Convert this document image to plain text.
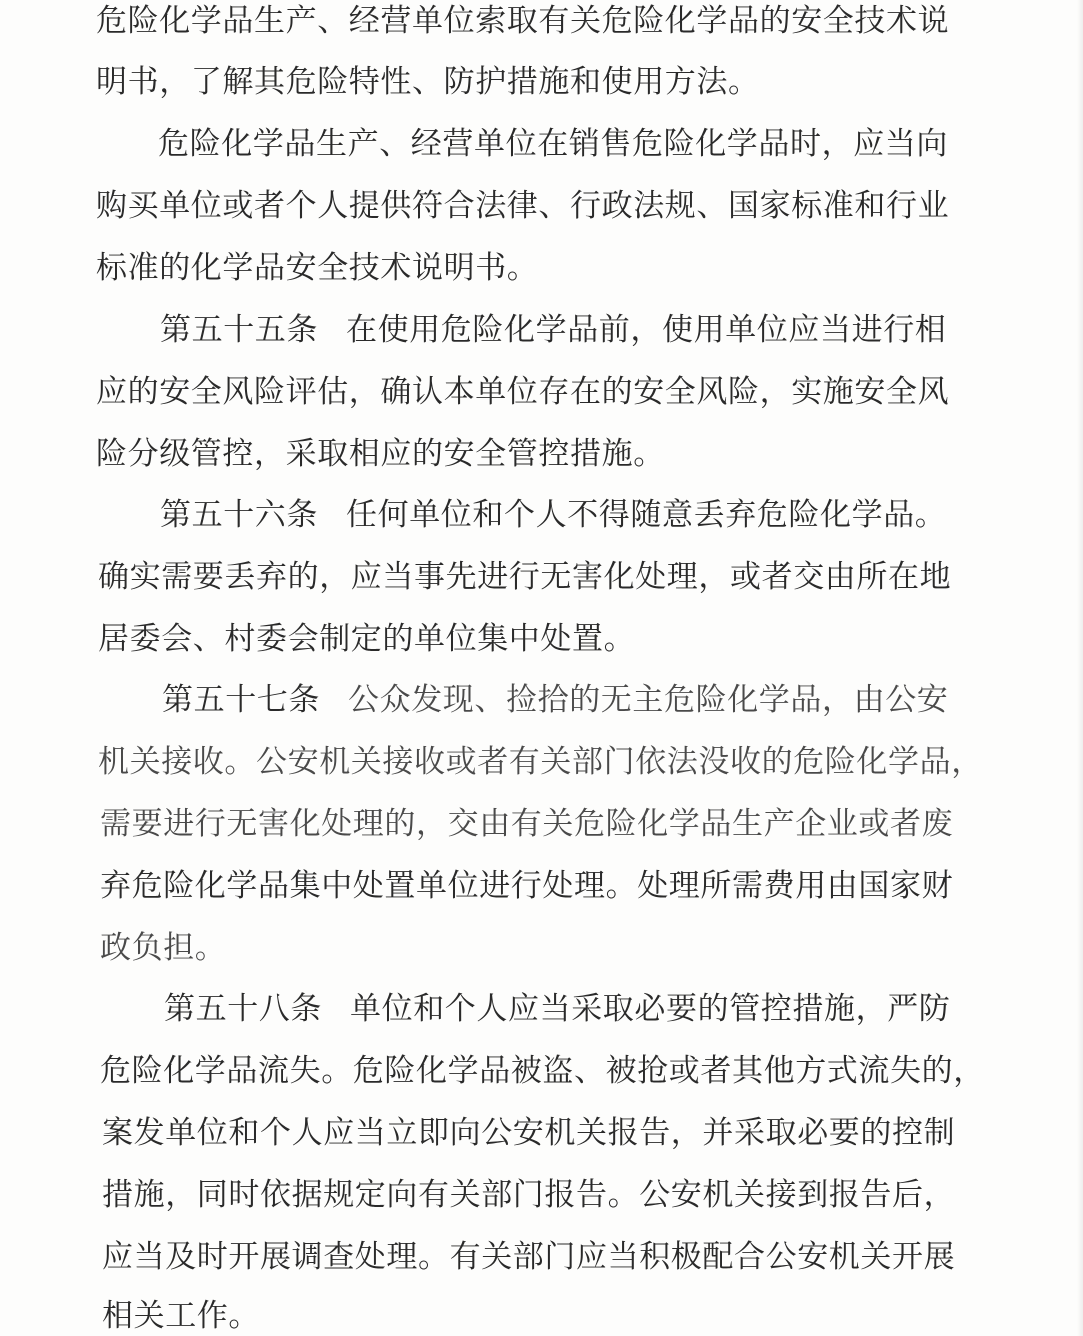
危险化学品生产、经营单位索取有关危险化学品的安全技术说
明书，了解其危险特性、防护措施和使用方法。
危险化学品生产、经营单位在销售危险化学品时，应当向
购买单位或者个人提供符合法律、行政法规、国家标准和行业
标准的化学品安全技术说明书。
第五十五条 在使用危险化学品前，使用单位应当进行相
应的安全风险评估，确认本单位存在的安全风险，实施安全风
险分级管控，采取相应的安全管控措施。
第五十六条 任何单位和个人不得随意丢弃危险化学品。
确实需要丢弃的，应当事先进行无害化处理，或者交由所在地
居委会、村委会制定的单位集中处置。
第五十七条 公众发现、捡拾的无主危险化学品，由公安
机关接收。公安机关接收或者有关部门依法没收的危险化学品，
需要进行无害化处理的，交由有关危险化学品生产企业或者废
弃危险化学品集中处置单位进行处理。处理所需费用由国家财
政负担。
第五十八条 单位和个人应当采取必要的管控措施，严防
危险化学品流失。危险化学品被盗、被抢或者其他方式流失的，
案发单位和个人应当立即向公安机关报告，并采取必要的控制
措施，同时依据规定向有关部门报告。公安机关接到报告后，
应当及时开展调查处理。有关部门应当积极配合公安机关开展
相关工作。
